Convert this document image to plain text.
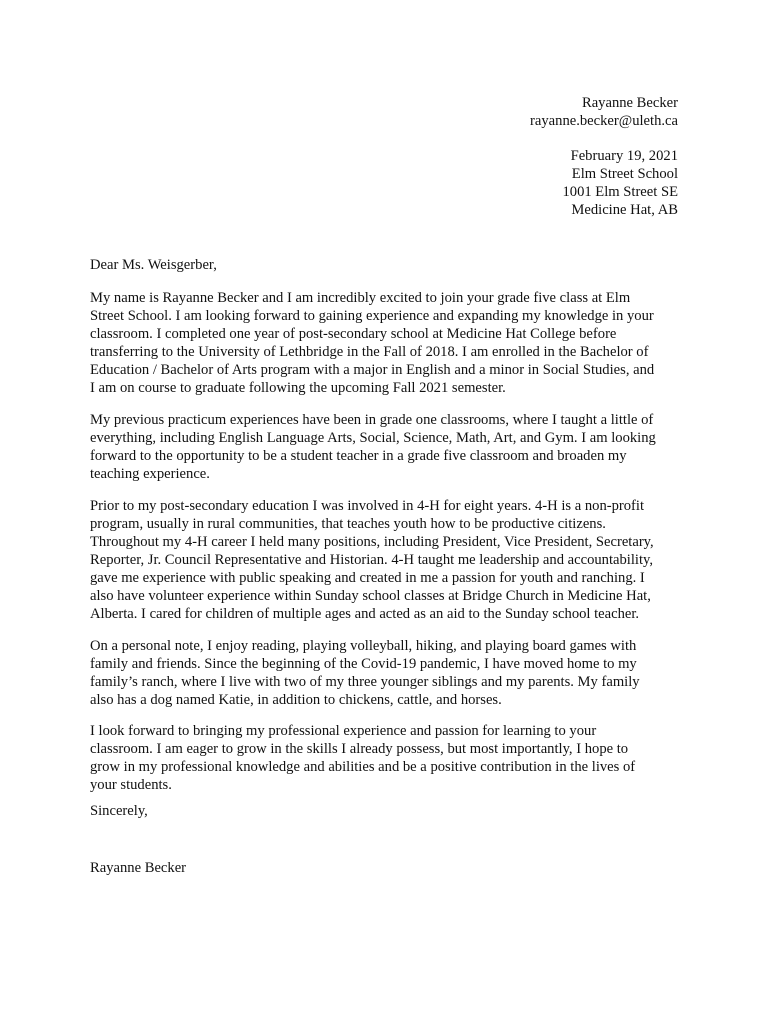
Rayanne Becker
rayanne.becker@uleth.ca
February 19, 2021
Elm Street School
1001 Elm Street SE
Medicine Hat, AB
Dear Ms. Weisgerber,
My name is Rayanne Becker and I am incredibly excited to join your grade five class at Elm
Street School. I am looking forward to gaining experience and expanding my knowledge in your
classroom. I completed one year of post-secondary school at Medicine Hat College before
transferring to the University of Lethbridge in the Fall of 2018. I am enrolled in the Bachelor of
Education / Bachelor of Arts program with a major in English and a minor in Social Studies, and
I am on course to graduate following the upcoming Fall 2021 semester.
My previous practicum experiences have been in grade one classrooms, where I taught a little of
everything, including English Language Arts, Social, Science, Math, Art, and Gym. I am looking
forward to the opportunity to be a student teacher in a grade five classroom and broaden my
teaching experience.
Prior to my post-secondary education I was involved in 4-H for eight years. 4-H is a non-profit
program, usually in rural communities, that teaches youth how to be productive citizens.
Throughout my 4-H career I held many positions, including President, Vice President, Secretary,
Reporter, Jr. Council Representative and Historian. 4-H taught me leadership and accountability,
gave me experience with public speaking and created in me a passion for youth and ranching. I
also have volunteer experience within Sunday school classes at Bridge Church in Medicine Hat,
Alberta. I cared for children of multiple ages and acted as an aid to the Sunday school teacher.
On a personal note, I enjoy reading, playing volleyball, hiking, and playing board games with
family and friends. Since the beginning of the Covid-19 pandemic, I have moved home to my
family’s ranch, where I live with two of my three younger siblings and my parents. My family
also has a dog named Katie, in addition to chickens, cattle, and horses.
I look forward to bringing my professional experience and passion for learning to your
classroom. I am eager to grow in the skills I already possess, but most importantly, I hope to
grow in my professional knowledge and abilities and be a positive contribution in the lives of
your students.
Sincerely,
Rayanne Becker
